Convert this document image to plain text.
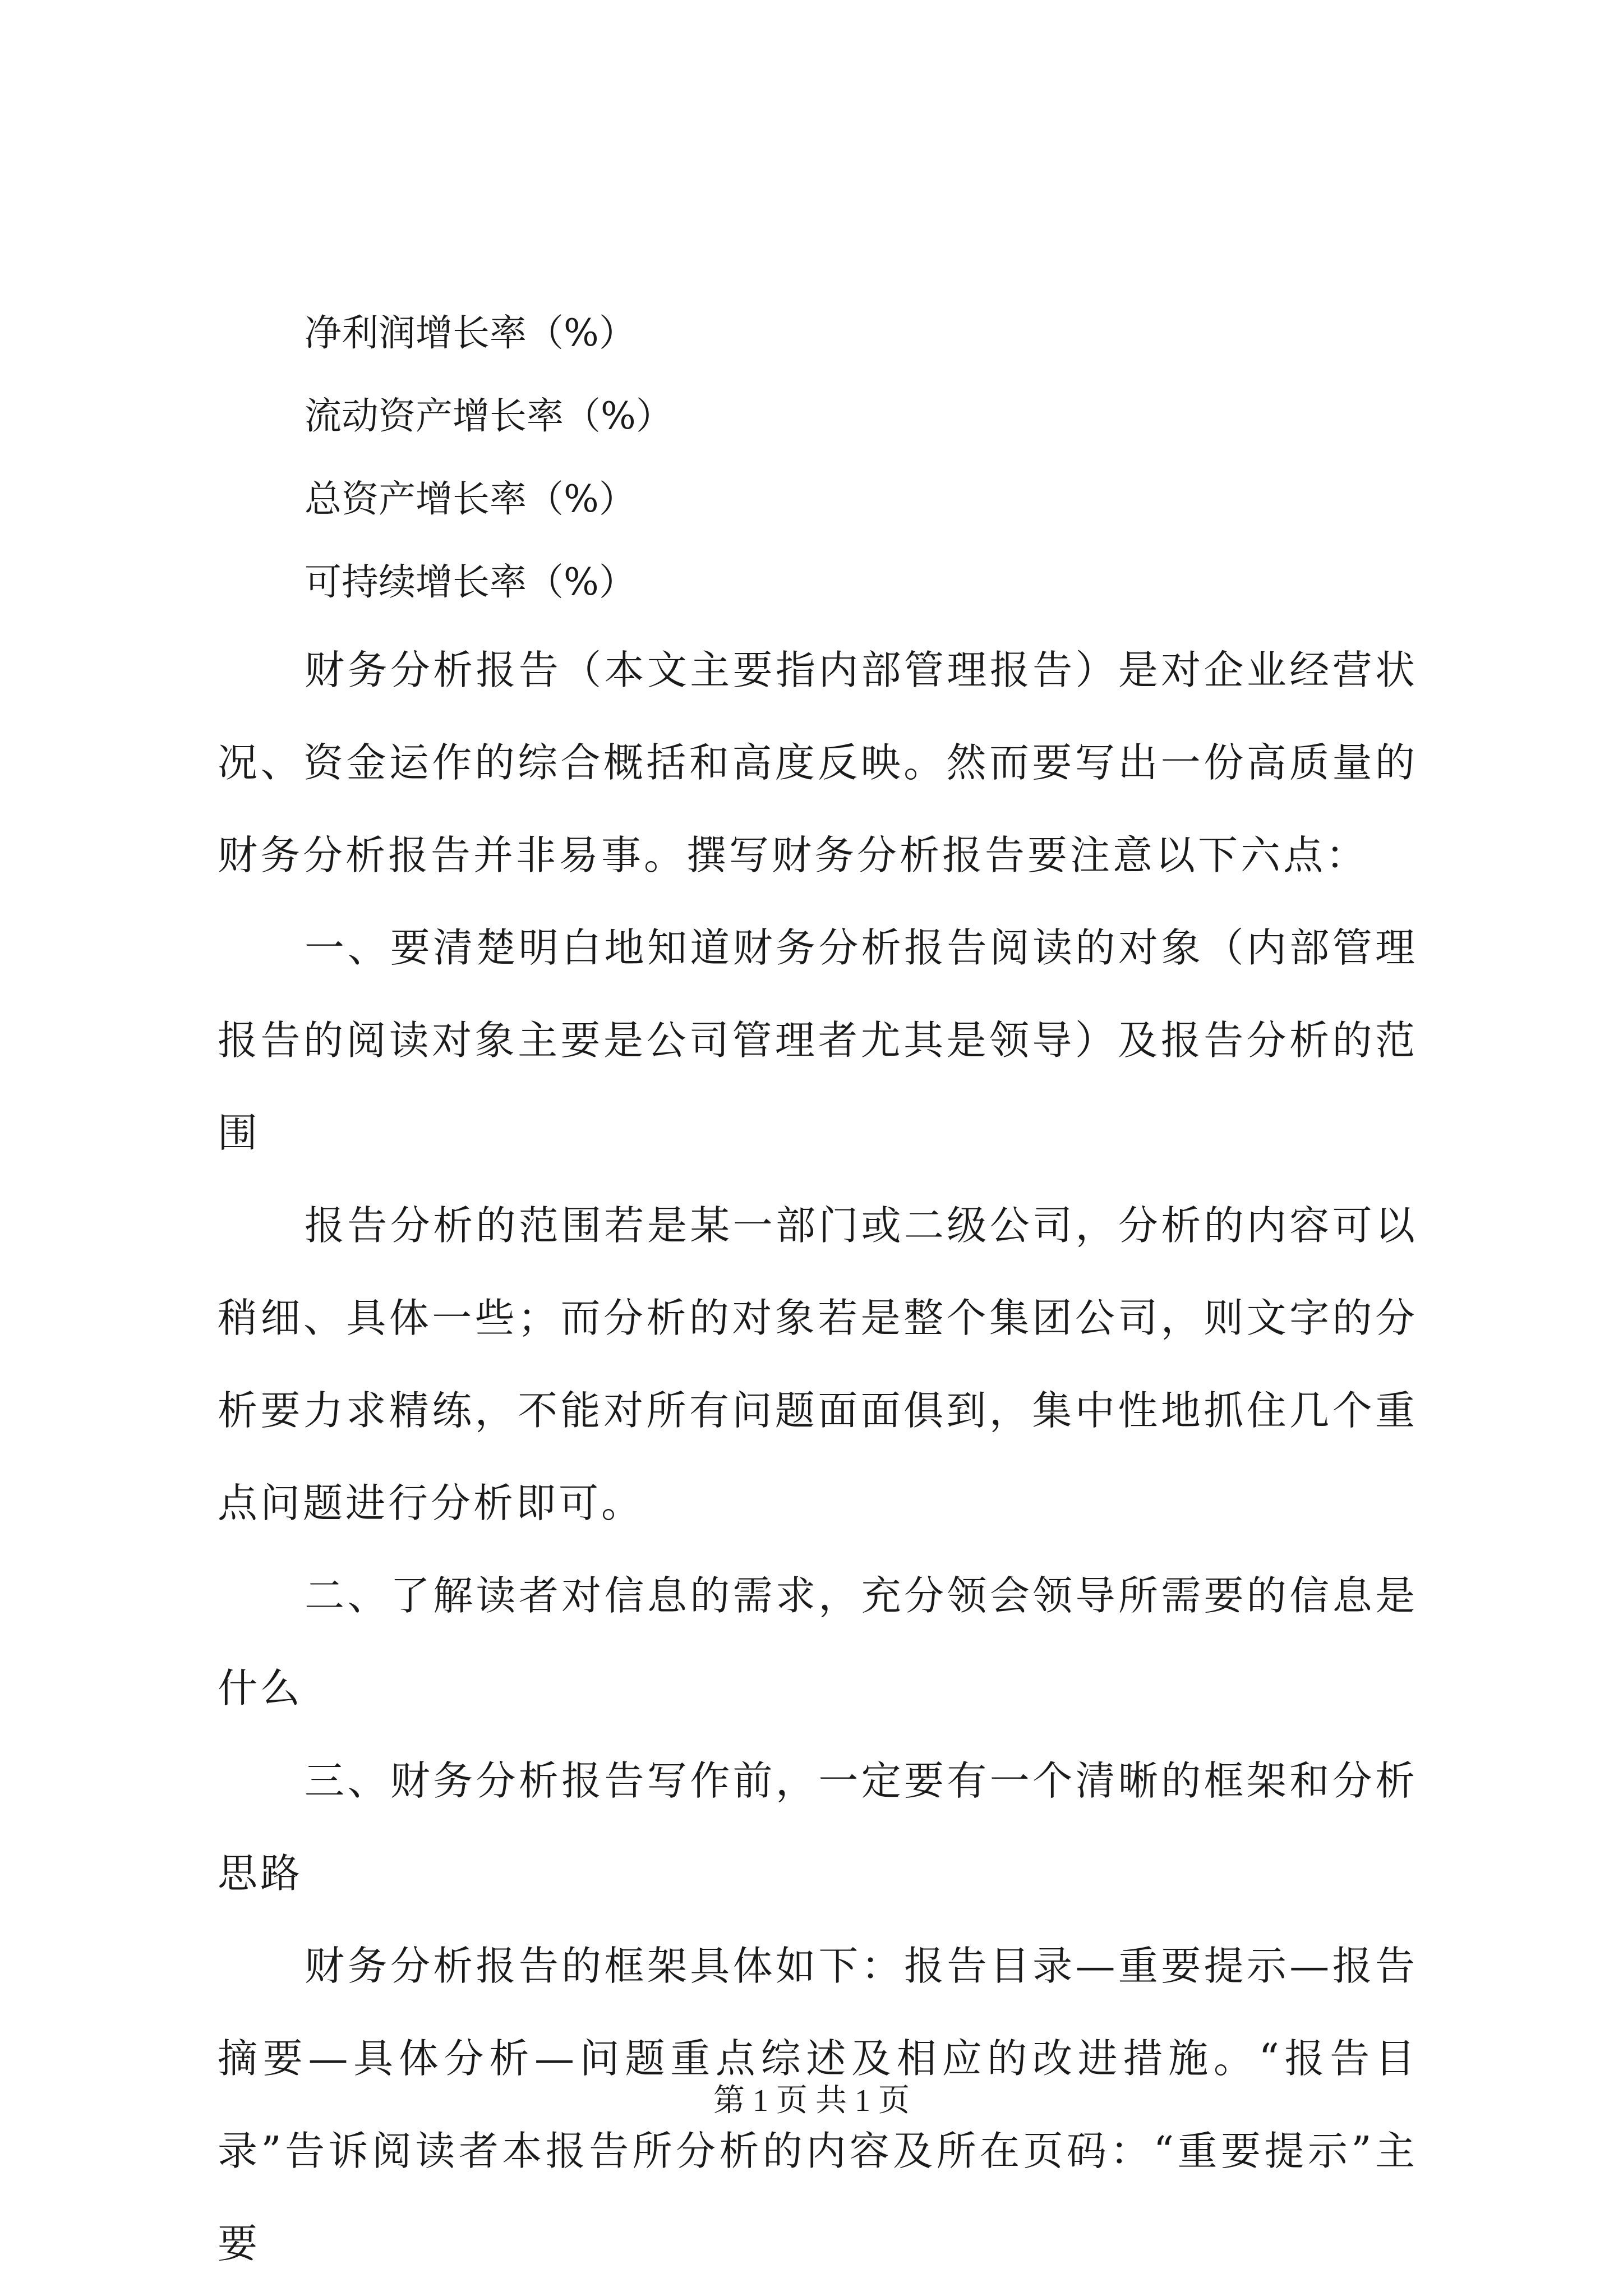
净利润增长率（%）
流动资产增长率（%）
总资产增长率（%）
可持续增长率（%）

财务分析报告（本文主要指内部管理报告）是对企业经营状况、资金运作的综合概括和高度反映。然而要写出一份高质量的财务分析报告并非易事。撰写财务分析报告要注意以下六点：

一、要清楚明白地知道财务分析报告阅读的对象（内部管理报告的阅读对象主要是公司管理者尤其是领导）及报告分析的范围

报告分析的范围若是某一部门或二级公司，分析的内容可以稍细、具体一些；而分析的对象若是整个集团公司，则文字的分析要力求精练，不能对所有问题面面俱到，集中性地抓住几个重点问题进行分析即可。

二、了解读者对信息的需求，充分领会领导所需要的信息是什么

三、财务分析报告写作前，一定要有一个清晰的框架和分析思路

财务分析报告的框架具体如下：报告目录—重要提示—报告摘要—具体分析—问题重点综述及相应的改进措施。“报告目录”告诉阅读者本报告所分析的内容及所在页码：“重要提示”主要

第 1 页 共 1 页
